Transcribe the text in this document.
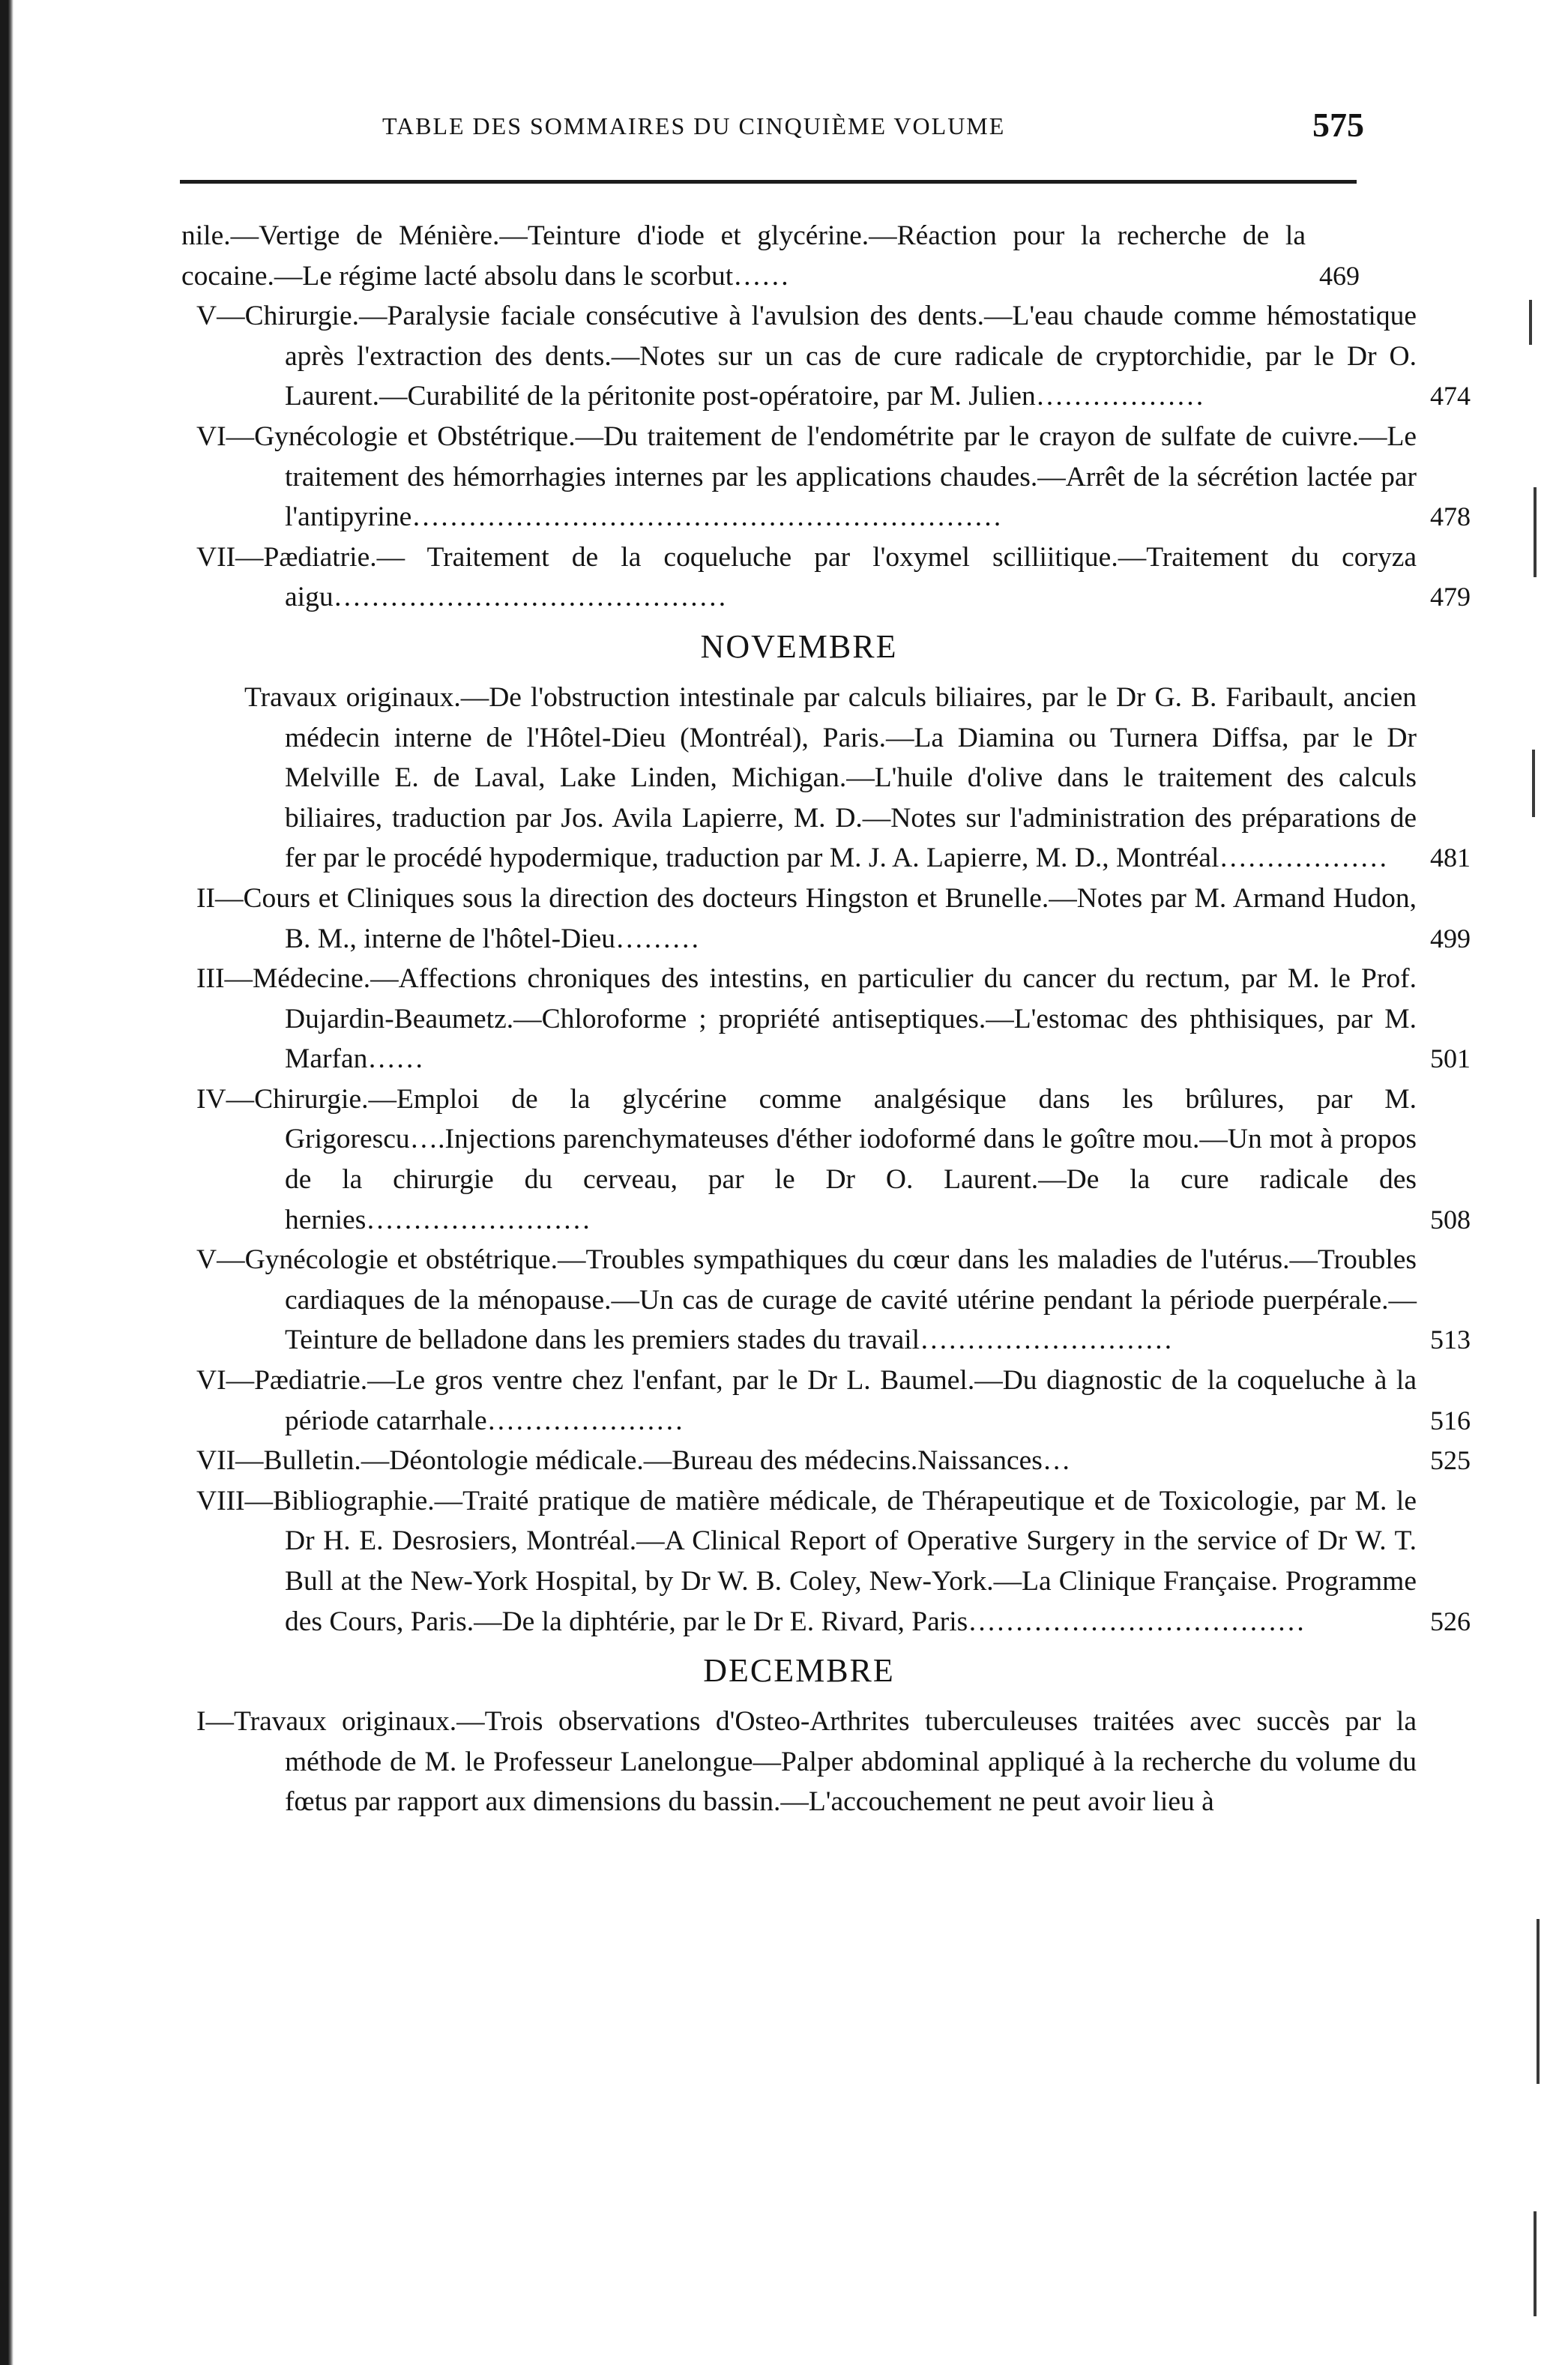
TABLE DES SOMMAIRES DU CINQUIÈME VOLUME	575
nile.—Vertige de Ménière.—Teinture d'iode et glycérine.—Réaction pour la recherche de la cocaine.—Le régime lacté absolu dans le scorbut……	469
V—Chirurgie.—Paralysie faciale consécutive à l'avulsion des dents.—L'eau chaude comme hémostatique après l'extraction des dents.—Notes sur un cas de cure radicale de cryptorchidie, par le Dr O. Laurent.—Curabilité de la péritonite post-opératoire, par M. Julien………………	474
VI—Gynécologie et Obstétrique.—Du traitement de l'endométrite par le crayon de sulfate de cuivre.—Le traitement des hémorrhagies internes par les applications chaudes.—Arrêt de la sécrétion lactée par l'antipyrine………………………………………………………	478
VII—Pædiatrie.— Traitement de la coqueluche par l'oxymel scilliitique.—Traitement du coryza aigu……………………………………	479
NOVEMBRE
Travaux originaux.—De l'obstruction intestinale par calculs biliaires, par le Dr G. B. Faribault, ancien médecin interne de l'Hôtel-Dieu (Montréal), Paris.—La Diamina ou Turnera Diffsa, par le Dr Melville E. de Laval, Lake Linden, Michigan.—L'huile d'olive dans le traitement des calculs biliaires, traduction par Jos. Avila Lapierre, M. D.—Notes sur l'administration des préparations de fer par le procédé hypodermique, traduction par M. J. A. Lapierre, M. D., Montréal………………	481
II—Cours et Cliniques sous la direction des docteurs Hingston et Brunelle.—Notes par M. Armand Hudon, B. M., interne de l'hôtel-Dieu………	499
III—Médecine.—Affections chroniques des intestins, en particulier du cancer du rectum, par M. le Prof. Dujardin-Beaumetz.—Chloroforme ; propriété antiseptiques.—L'estomac des phthisiques, par M. Marfan……	501
IV—Chirurgie.—Emploi de la glycérine comme analgésique dans les brûlures, par M. Grigorescu….Injections parenchymateuses d'éther iodoformé dans le goître mou.—Un mot à propos de la chirurgie du cerveau, par le Dr O. Laurent.—De la cure radicale des hernies……………………	508
V—Gynécologie et obstétrique.—Troubles sympathiques du cœur dans les maladies de l'utérus.—Troubles cardiaques de la ménopause.—Un cas de curage de cavité utérine pendant la période puerpérale.—Teinture de belladone dans les premiers stades du travail………………………	513
VI—Pædiatrie.—Le gros ventre chez l'enfant, par le Dr L. Baumel.—Du diagnostic de la coqueluche à la période catarrhale…………………	516
VII—Bulletin.—Déontologie médicale.—Bureau des médecins.Naissances…	525
VIII—Bibliographie.—Traité pratique de matière médicale, de Thérapeutique et de Toxicologie, par M. le Dr H. E. Desrosiers, Montréal.—A Clinical Report of Operative Surgery in the service of Dr W. T. Bull at the New-York Hospital, by Dr W. B. Coley, New-York.—La Clinique Française. Programme des Cours, Paris.—De la diphtérie, par le Dr E. Rivard, Paris………………………………	526
DECEMBRE
I—Travaux originaux.—Trois observations d'Osteo-Arthrites tuberculeuses traitées avec succès par la méthode de M. le Professeur Lanelongue—Palper abdominal appliqué à la recherche du volume du fœtus par rapport aux dimensions du bassin.—L'accouchement ne peut avoir lieu à
